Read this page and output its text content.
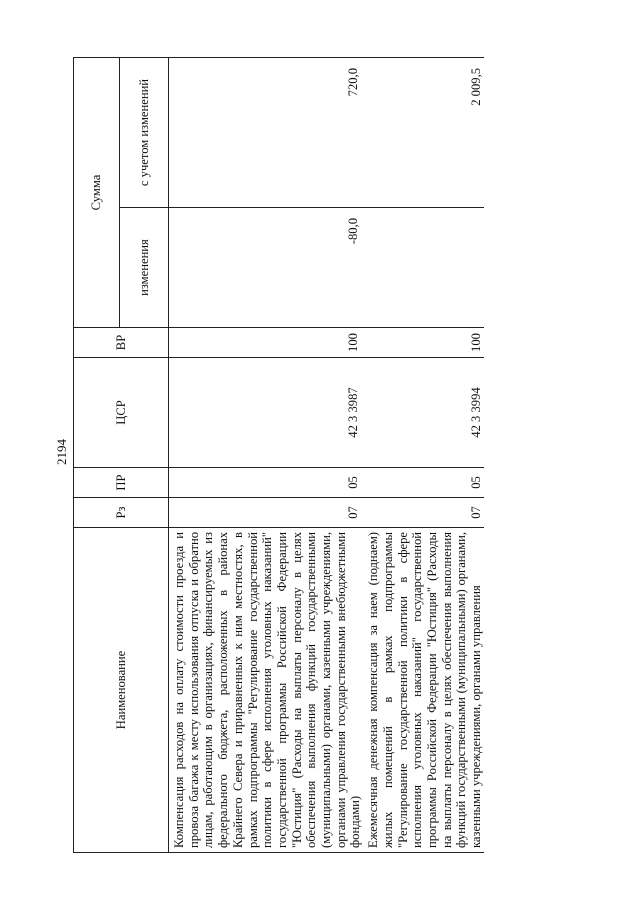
2194
Наименование	Рз	ПР	ЦСР	ВР	Сумма	
					изменения	с учетом изменений
Компенсация расходов на оплату стоимости проезда и провоза багажа к месту использования отпуска и обратно лицам, работающим в организациях, финансируемых из федерального бюджета, расположенных в районах Крайнего Севера и приравненных к ним местностях, в рамках подпрограммы "Регулирование государственной политики в сфере исполнения уголовных наказаний" государственной программы Российской Федерации "Юстиция" (Расходы на выплаты персоналу в целях обеспечения выполнения функций государственными (муниципальными) органами, казенными учреждениями, органами управления государственными внебюджетными фондами)	07	05	42 3 3987	100	-80,0	720,0
Ежемесячная денежная компенсация за наем (поднаем) жилых помещений в рамках подпрограммы "Регулирование государственной политики в сфере исполнения уголовных наказаний" государственной программы Российской Федерации "Юстиция" (Расходы на выплаты персоналу в целях обеспечения выполнения функций государственными (муниципальными) органами, казенными учреждениями, органами управления	07	05	42 3 3994	100		2 009,5
